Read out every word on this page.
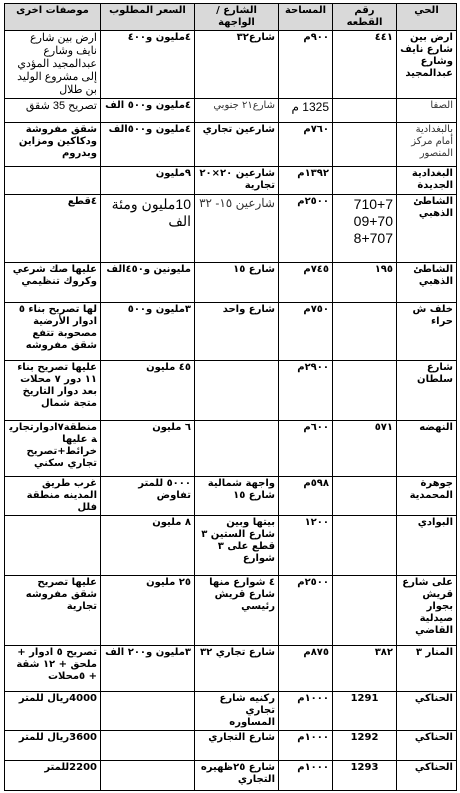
الحي	رقم القطعه	المساحة	الشارع / الواجهة	السعر المطلوب	موصفات اخرى
ارض بين شارع نايف وشارع عبدالمجيد	٤٤١	٩٠٠م	شارع٣٢	٤مليون و٤٠٠	ارض بين شارع نايف وشارع عبدالمجيد المؤدي إلى مشروع الوليد بن طلال
الصفا		1325 م	شارع٢١ جنوبي	٤مليون و٥٠٠ الف	تصريح 35 شقق
بالبغدادية أمام مركز المنصور		٧٦٠م	شارعين تجاري	٤مليون و٥٠٠الف	شقق مفروشة ودكاكين ومزاين وبدروم
البغدادية الجديدة		١٣٩٢م	شارعين ٢٠×٢٠ تجارية	٩مليون	
الشاطئ الذهبي	710+7 09+70 8+707	٢٥٠٠م	شارعين ١٥- ٣٢	10مليون ومئة الف	٤قطع
الشاطئ الذهبي	١٩٥	٧٤٥م	شارع ١٥	مليونين و٤٥٠الف	عليها صك شرعي وكروك تنظيمي
خلف ش حراء		٧٥٠م	شارع واحد	٣مليون و٥٠٠	لها تصريح بناء ٥ ادوار الأرضية مصحوبة تتفع شقق مفروشه
شارع سلطان		٢٩٠٠م		٤٥ مليون	عليها تصريح بناء ١١ دور ٧ محلات بعد دوار التاريخ متجة شمال
النهضه	٥٧١	٦٠٠م		٦ مليون	منطقة٧ادوارتجارية عليها خرائط+تصريح تجاري سكني
جوهرة المحمدية		٥٩٨م	واجهة شمالية شارع ١٥	٥٠٠٠ للمتر تفاوض	غرب طريق المدينه منطقة فلل
البوادي		١٢٠٠	بيتها وبين شارع الستين ٣ قطع على ٣ شوارع	٨ مليون	
على شارع قريش بجوار صيدلية القاضي		٢٥٠٠م	٤ شوارع منها شارع قريش رئيسي	٢٥ مليون	عليها تصريح شقق مفروشه تجارية
المنار ٣	٣٨٢	٨٧٥م	شارع تجاري ٣٢	٣مليون و٢٠٠ الف	تصريح ٥ ادوار + ملحق + ١٢ شقة + ٥محلات
الحناكي	1291	١٠٠٠م	ركنيه شارع تجاري المساوره		4000ريال للمتر
الحناكي	1292	١٠٠٠م	شارع التجاري		3600ريال للمتر
الحناكي	1293	١٠٠٠م	شارع ٢٥ظهيره التجاري		2200للمتر
